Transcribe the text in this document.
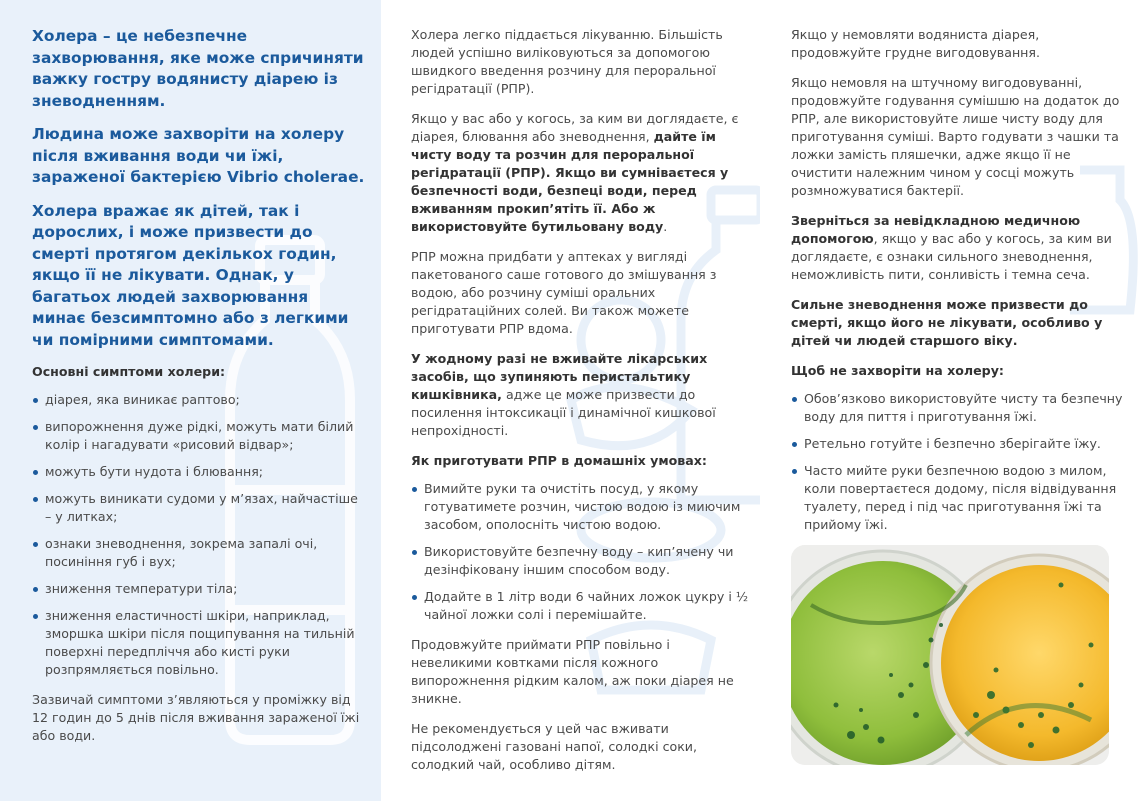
Холера – це небезпечне захворювання, яке може спричиняти важку гостру водянисту діарею із зневодненням.
Людина може захворіти на холеру після вживання води чи їжі, зараженої бактерією Vibrio cholerae.
Холера вражає як дітей, так і дорослих, і може призвести до смерті протягом декількох годин, якщо її не лікувати. Однак, у багатьох людей захворювання минає безсимптомно або з легкими чи помірними симптомами.
Основні симптоми холери:
діарея, яка виникає раптово;
випорожнення дуже рідкі, можуть мати білий колір і нагадувати «рисовий відвар»;
можуть бути нудота і блювання;
можуть виникати судоми у м’язах, найчастіше – у литках;
ознаки зневоднення, зокрема запалі очі, посиніння губ і вух;
зниження температури тіла;
зниження еластичності шкіри, наприклад, зморшка шкіри після пощипування на тильній поверхні передпліччя або кисті руки розпрямляється повільно.

Зазвичай симптоми з’являються у проміжку від 12 годин до 5 днів після вживання зараженої їжі або води.

Холера легко піддається лікуванню. Більшість людей успішно виліковуються за допомогою швидкого введення розчину для пероральної регідратації (РПР).

Якщо у вас або у когось, за ким ви доглядаєте, є діарея, блювання або зневоднення, дайте їм чисту воду та розчин для пероральної регідратації (РПР). Якщо ви сумніваєтеся у безпечності води, безпеці води, перед вживанням прокип’ятіть її. Або ж використовуйте бутильовану воду.

РПР можна придбати у аптеках у вигляді пакетованого саше готового до змішування з водою, або розчину суміші оральних регідратаційних солей. Ви також можете приготувати РПР вдома.

У жодному разі не вживайте лікарських засобів, що зупиняють перистальтику кишківника, адже це може призвести до посилення інтоксикації і динамічної кишкової непрохідності.

Як приготувати РПР в домашніх умовах:
Вимийте руки та очистіть посуд, у якому готуватимете розчин, чистою водою із миючим засобом, ополосніть чистою водою.
Використовуйте безпечну воду – кип’ячену чи дезінфіковану іншим способом воду.
Додайте в 1 літр води 6 чайних ложок цукру і ½ чайної ложки солі і перемішайте.

Продовжуйте приймати РПР повільно і невеликими ковтками після кожного випорожнення рідким калом, аж поки діарея не зникне.

Не рекомендується у цей час вживати підсолоджені газовані напої, солодкі соки, солодкий чай, особливо дітям.

Якщо у немовляти водяниста діарея, продовжуйте грудне вигодовування.

Якщо немовля на штучному вигодовуванні, продовжуйте годування сумішшю на додаток до РПР, але використовуйте лише чисту воду для приготування суміші. Варто годувати з чашки та ложки замість пляшечки, адже якщо її не очистити належним чином у сосці можуть розмножуватися бактерії.

Зверніться за невідкладною медичною допомогою, якщо у вас або у когось, за ким ви доглядаєте, є ознаки сильного зневоднення, неможливість пити, сонливість і темна сеча.

Сильне зневоднення може призвести до смерті, якщо його не лікувати, особливо у дітей чи людей старшого віку.

Щоб не захворіти на холеру:
Обов’язково використовуйте чисту та безпечну воду для пиття і приготування їжі.
Ретельно готуйте і безпечно зберігайте їжу.
Часто мийте руки безпечною водою з милом, коли повертаєтеся додому, після відвідування туалету, перед і під час приготування їжі та прийому їжі.
